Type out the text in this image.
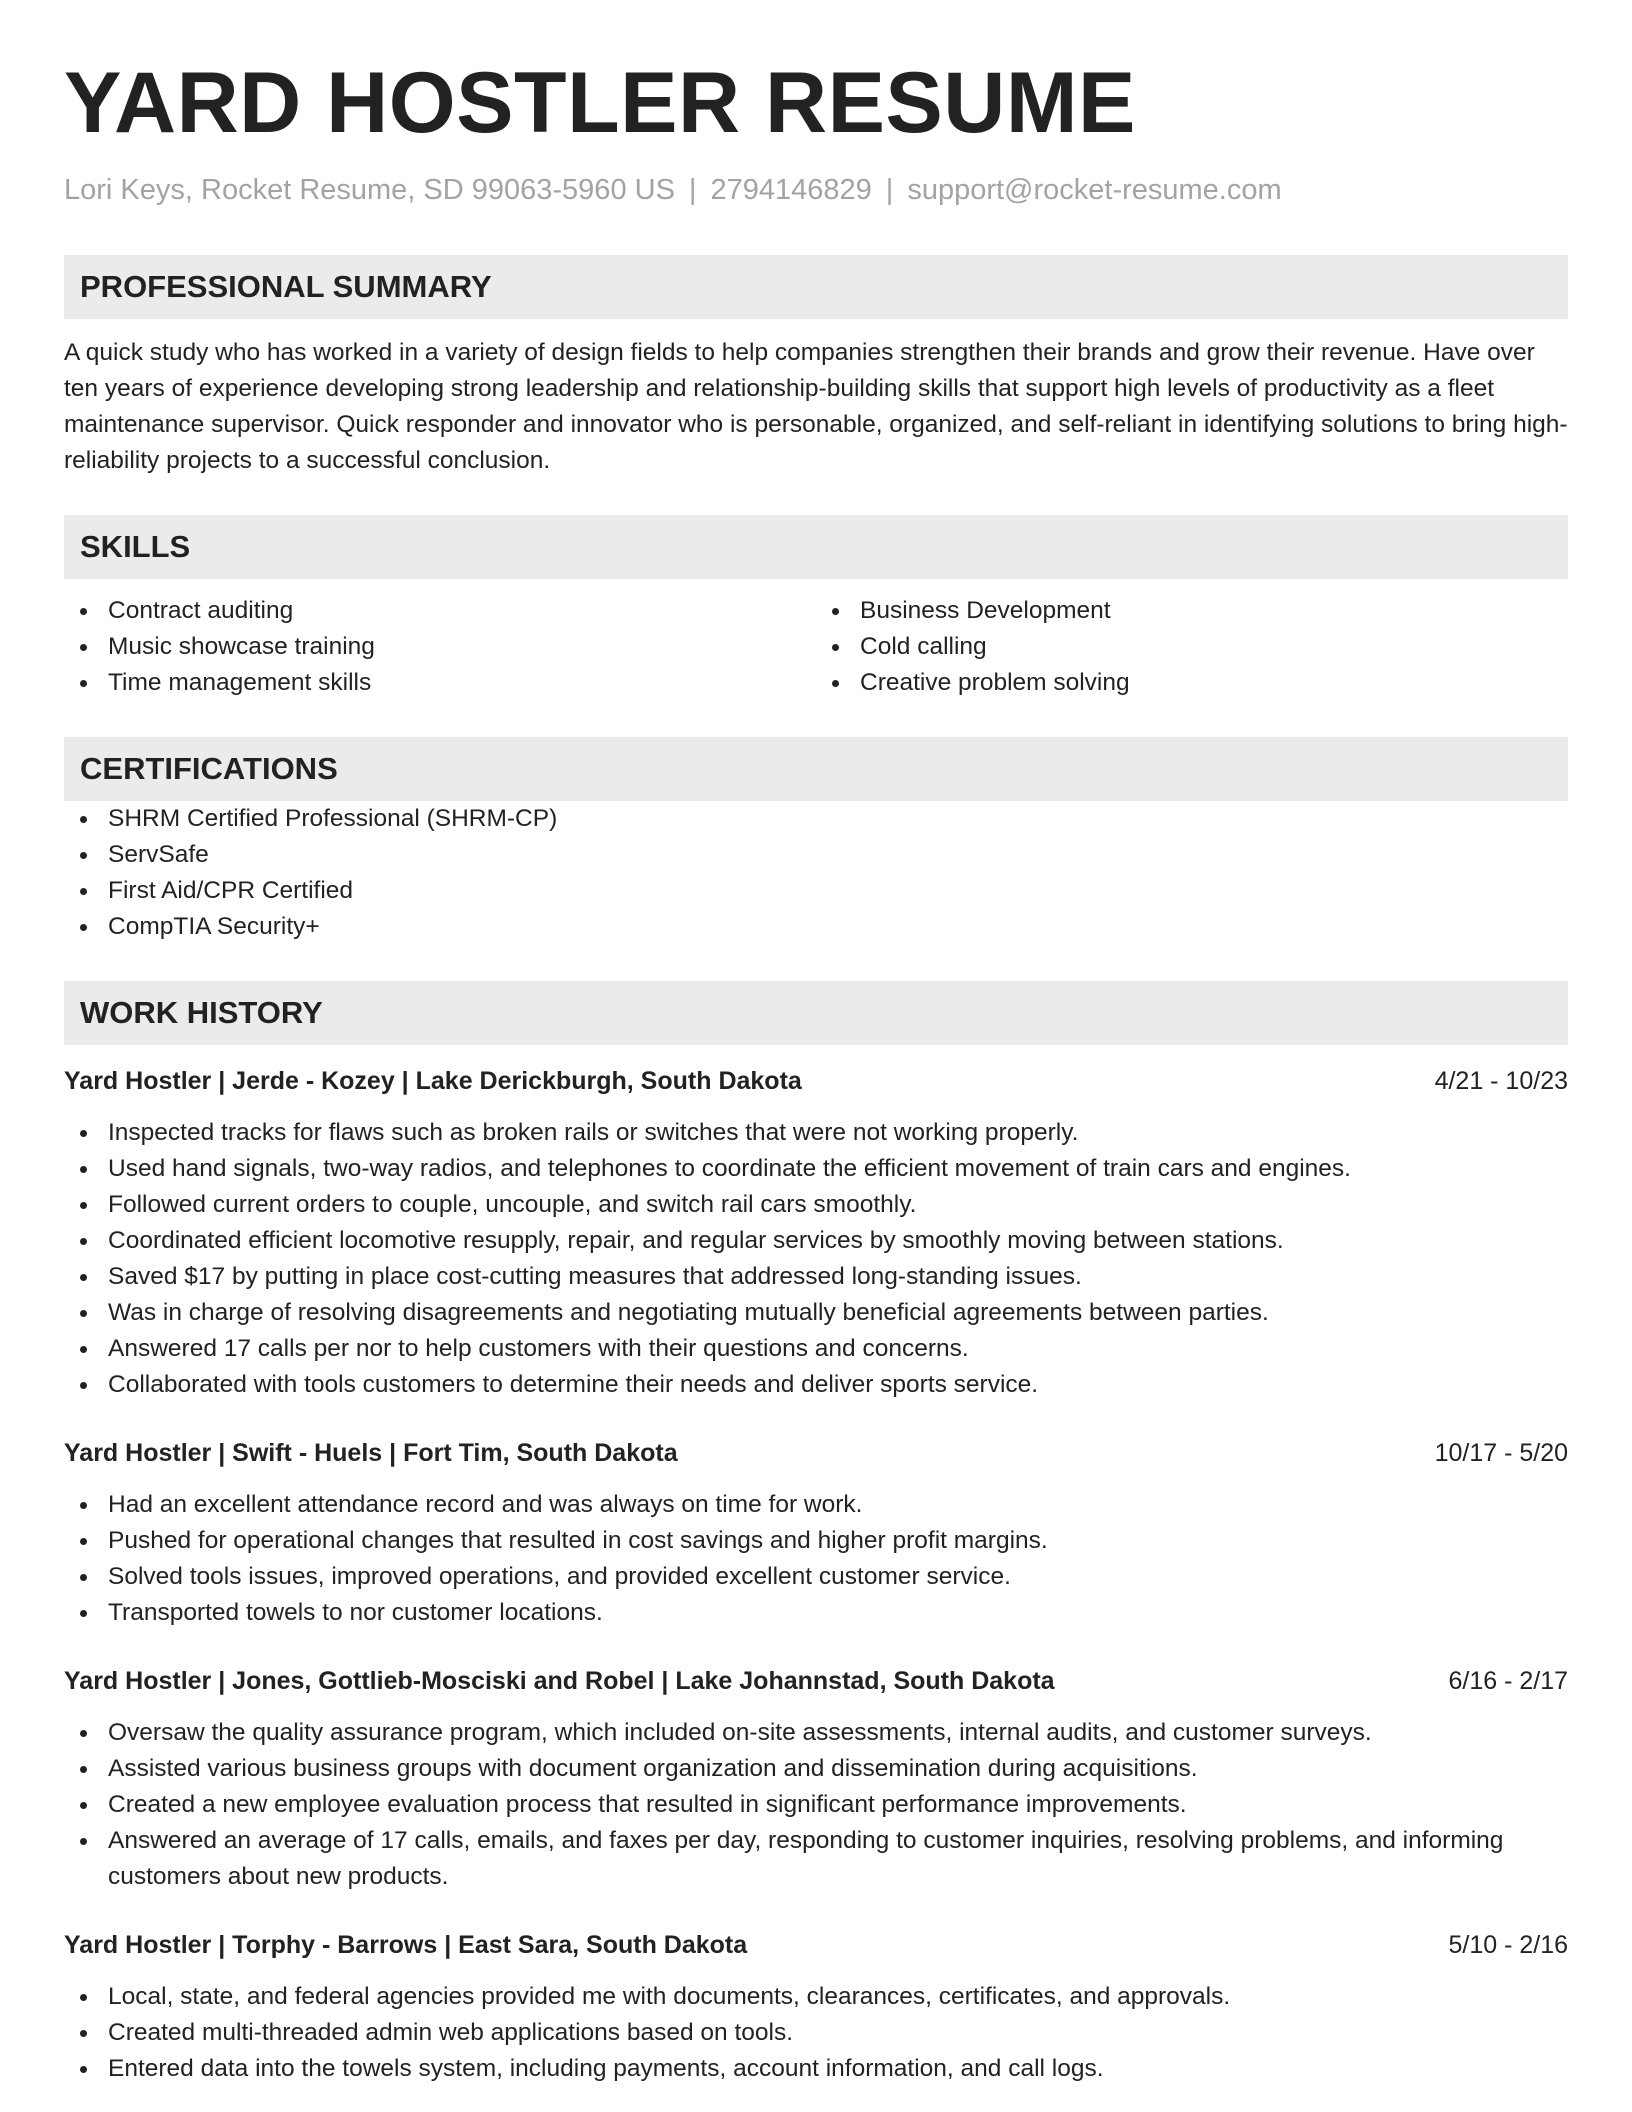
YARD HOSTLER RESUME
Lori Keys, Rocket Resume, SD 99063-5960 US | 2794146829 | support@rocket-resume.com
PROFESSIONAL SUMMARY

A quick study who has worked in a variety of design fields to help companies strengthen their brands and grow their revenue. Have over ten years of experience developing strong leadership and relationship-building skills that support high levels of productivity as a fleet maintenance supervisor. Quick responder and innovator who is personable, organized, and self-reliant in identifying solutions to bring high-reliability projects to a successful conclusion.

SKILLS
Contract auditing
Music showcase training
Time management skills
Business Development
Cold calling
Creative problem solving
CERTIFICATIONS
SHRM Certified Professional (SHRM-CP)
ServSafe
First Aid/CPR Certified
CompTIA Security+
WORK HISTORY
Yard Hostler | Jerde - Kozey | Lake Derickburgh, South Dakota	4/21 - 10/23
Inspected tracks for flaws such as broken rails or switches that were not working properly.
Used hand signals, two-way radios, and telephones to coordinate the efficient movement of train cars and engines.
Followed current orders to couple, uncouple, and switch rail cars smoothly.
Coordinated efficient locomotive resupply, repair, and regular services by smoothly moving between stations.
Saved $17 by putting in place cost-cutting measures that addressed long-standing issues.
Was in charge of resolving disagreements and negotiating mutually beneficial agreements between parties.
Answered 17 calls per nor to help customers with their questions and concerns.
Collaborated with tools customers to determine their needs and deliver sports service.
Yard Hostler | Swift - Huels | Fort Tim, South Dakota	10/17 - 5/20
Had an excellent attendance record and was always on time for work.
Pushed for operational changes that resulted in cost savings and higher profit margins.
Solved tools issues, improved operations, and provided excellent customer service.
Transported towels to nor customer locations.
Yard Hostler | Jones, Gottlieb-Mosciski and Robel | Lake Johannstad, South Dakota	6/16 - 2/17
Oversaw the quality assurance program, which included on-site assessments, internal audits, and customer surveys.
Assisted various business groups with document organization and dissemination during acquisitions.
Created a new employee evaluation process that resulted in significant performance improvements.
Answered an average of 17 calls, emails, and faxes per day, responding to customer inquiries, resolving problems, and informing customers about new products.
Yard Hostler | Torphy - Barrows | East Sara, South Dakota	5/10 - 2/16
Local, state, and federal agencies provided me with documents, clearances, certificates, and approvals.
Created multi-threaded admin web applications based on tools.
Entered data into the towels system, including payments, account information, and call logs.
